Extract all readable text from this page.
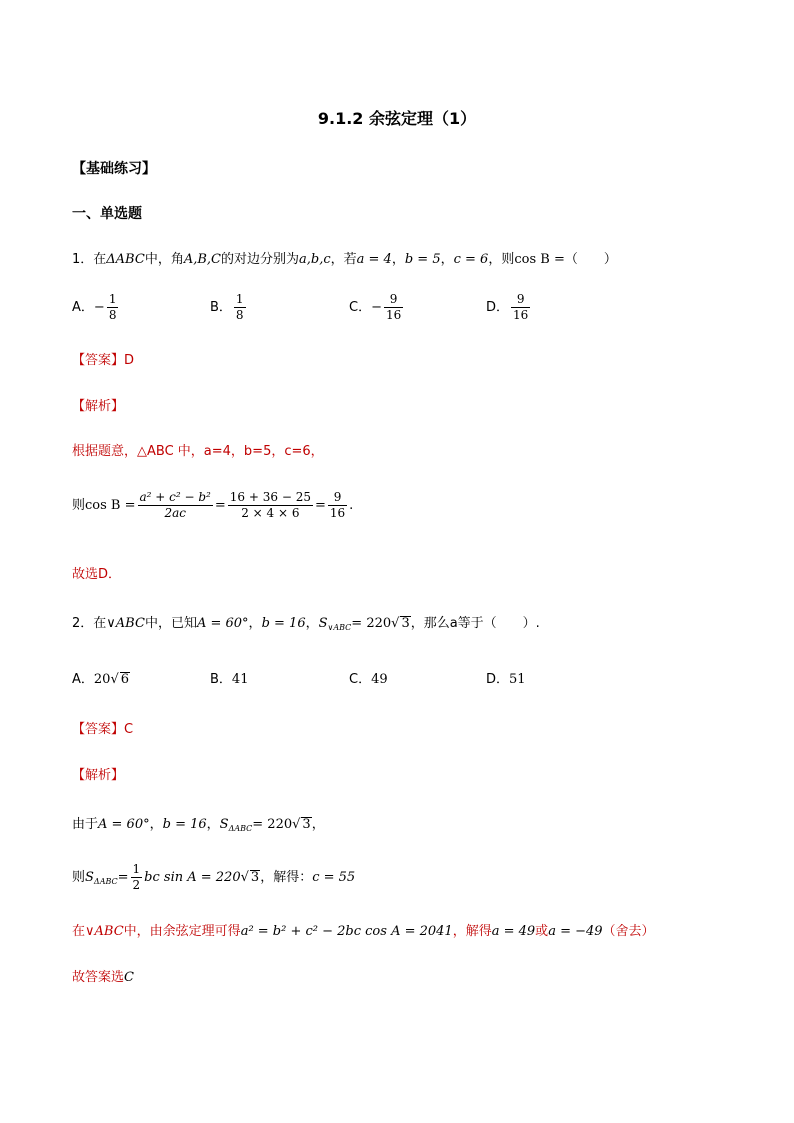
9.1.2 余弦定理（1）
【基础练习】
一、单选题
1．在ΔABC中，角A,B,C的对边分别为a,b,c，若a = 4，b = 5，c = 6，则cos B =（　　）
A．− $\frac{1}{8}$	B． $\frac{1}{8}$	C．− $\frac{9}{16}$	D． $\frac{9}{16}$
【答案】D
【解析】
根据题意，△ABC 中，a=4，b=5，c=6，
则$\cos B = \frac{\text{a² + c² − b²}}{2ac} = \frac{16 + 36 - 25}{2 \times 4 \times 6} = \frac{9}{16}$ .
故选D．
2．在∨ABC中，已知A = 60°，b = 16，$S_{\vee ABC}= 220√$ 3，那么a等于（　　）.
A．20√ 6	B．41	C．49	D．51
【答案】C
【解析】
由于A = 60°，b = 16，$S_{\Delta ABC}= 220√$ 3，
则$S_{\Delta ABC}= \frac{1}{2}$ bc sin A = 220√ 3，解得：c = 55
在∨ABC中，由余弦定理可得a² = b² + c² − 2bc cos A = 2041，解得a = 49或a = −49（舍去）
故答案选C
